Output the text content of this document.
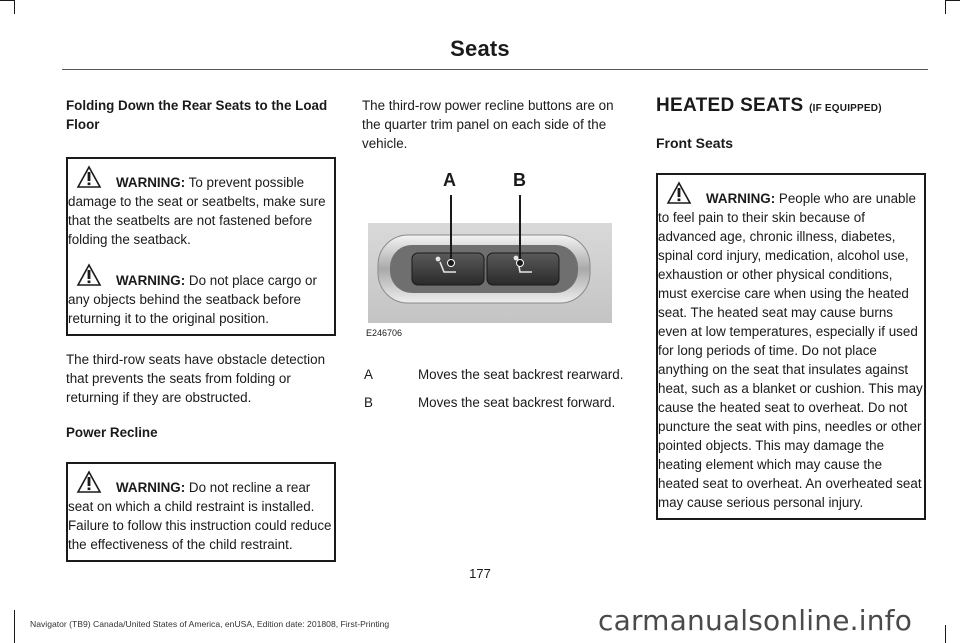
Seats

Folding Down the Rear Seats to the Load Floor

WARNING: To prevent possible damage to the seat or seatbelts, make sure that the seatbelts are not fastened before folding the seatback.
WARNING: Do not place cargo or any objects behind the seatback before returning it to the original position.

The third-row seats have obstacle detection that prevents the seats from folding or returning if they are obstructed.

Power Recline

WARNING: Do not recline a rear seat on which a child restraint is installed. Failure to follow this instruction could reduce the effectiveness of the child restraint.

The third-row power recline buttons are on the quarter trim panel on each side of the vehicle.

A	B
E246706
A	Moves the seat backrest rearward.
B	Moves the seat backrest forward.

HEATED SEATS (IF EQUIPPED)

Front Seats

WARNING: People who are unable to feel pain to their skin because of advanced age, chronic illness, diabetes, spinal cord injury, medication, alcohol use, exhaustion or other physical conditions, must exercise care when using the heated seat. The heated seat may cause burns even at low temperatures, especially if used for long periods of time. Do not place anything on the seat that insulates against heat, such as a blanket or cushion. This may cause the heated seat to overheat. Do not puncture the seat with pins, needles or other pointed objects. This may damage the heating element which may cause the heated seat to overheat. An overheated seat may cause serious personal injury.
177
Navigator (TB9) Canada/United States of America, enUSA, Edition date: 201808, First-Printing	carmanualsonline.info
